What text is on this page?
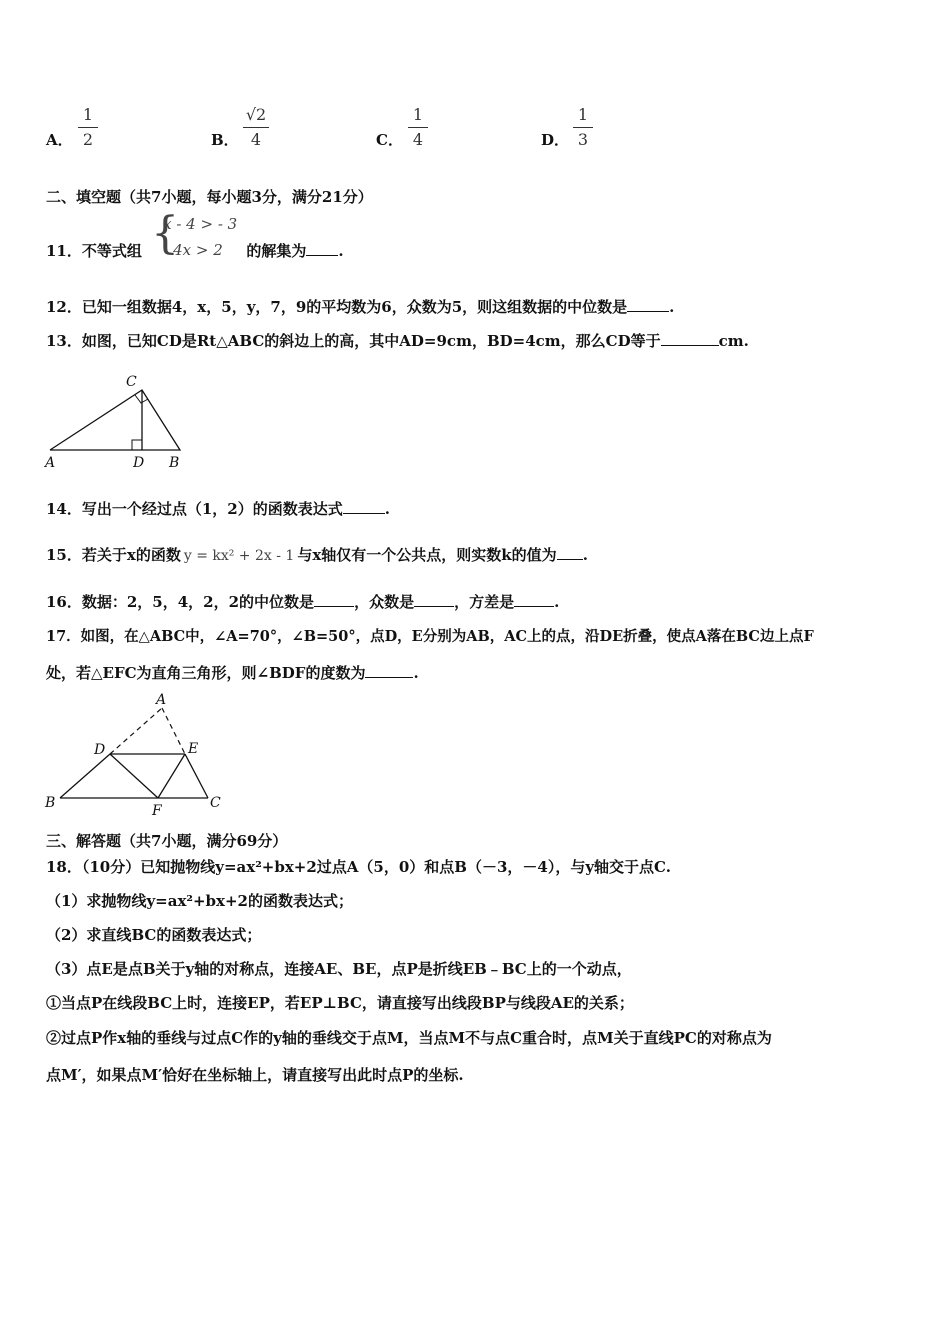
A．
1
2	B．
√2
4	C．
1
4	D．
1
3
二、填空题（共7小题，每小题3分，满分21分）
11．不等式组 {
x - 4 > - 3
4x > 2 的解集为 .
12．已知一组数据4，x，5，y，7，9的平均数为6，众数为5，则这组数据的中位数是	.
13．如图，已知CD是Rt△ABC的斜边上的高，其中AD=9cm，BD=4cm，那么CD等于	cm.
C
A	D B
14．写出一个经过点（1，2）的函数表达式	.
15．若关于x的函数 y = kx² + 2x - 1 与x轴仅有一个公共点，则实数k的值为 .
16．数据：2，5，4，2，2的中位数是	，众数是	，方差是	.
17．如图，在△ABC中，∠A=70°，∠B=50°，点D，E分别为AB，AC上的点，沿DE折叠，使点A落在BC边上点F
处，若△EFC为直角三角形，则∠BDF的度数为	.
A
D	E
B	F	C
三、解答题（共7小题，满分69分）
18．（10分）已知抛物线y=ax²+bx+2过点A（5，0）和点B（－3，－4），与y轴交于点C.
（1）求抛物线y=ax²+bx+2的函数表达式；
（2）求直线BC的函数表达式；
（3）点E是点B关于y轴的对称点，连接AE、BE，点P是折线EB﹣BC上的一个动点，
①当点P在线段BC上时，连接EP，若EP⊥BC，请直接写出线段BP与线段AE的关系；
②过点P作x轴的垂线与过点C作的y轴的垂线交于点M，当点M不与点C重合时，点M关于直线PC的对称点为
点M′，如果点M′恰好在坐标轴上，请直接写出此时点P的坐标.
